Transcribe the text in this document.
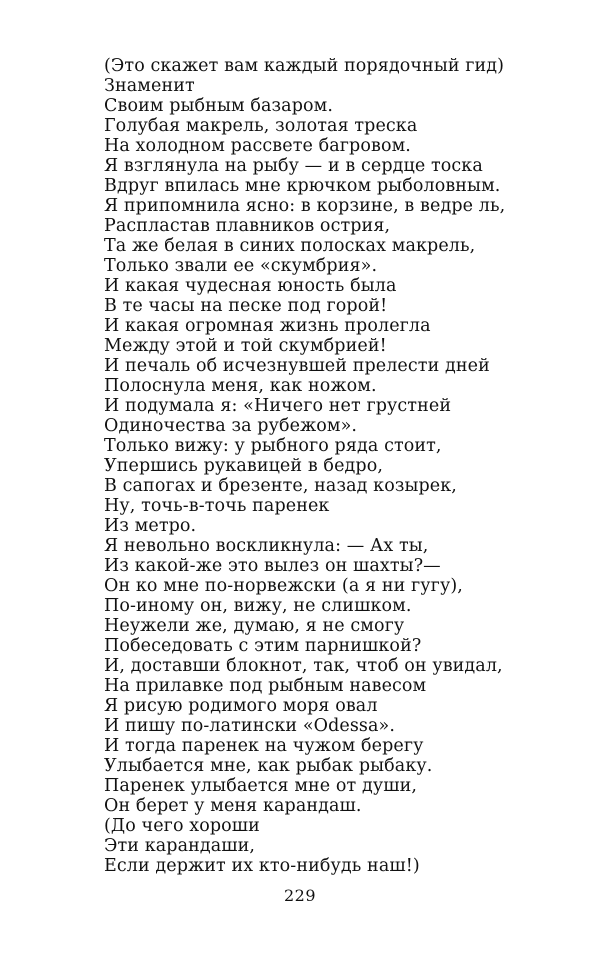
(Это скажет вам каждый порядочный гид)
Знаменит
Своим рыбным базаром.
Голубая макрель, золотая треска
На холодном рассвете багровом.
Я взглянула на рыбу — и в сердце тоска
Вдруг впилась мне крючком рыболовным.
Я припомнила ясно: в корзине, в ведре ль,
Распластав плавников острия,
Та же белая в синих полосках макрель,
Только звали ее «скумбрия».
И какая чудесная юность была
В те часы на песке под горой!
И какая огромная жизнь пролегла
Между этой и той скумбрией!
И печаль об исчезнувшей прелести дней
Полоснула меня, как ножом.
И подумала я: «Ничего нет грустней
Одиночества за рубежом».
Только вижу: у рыбного ряда стоит,
Упершись рукавицей в бедро,
В сапогах и брезенте, назад козырек,
Ну, точь-в-точь паренек
Из метро.
Я невольно воскликнула: — Ах ты,
Из какой-же это вылез он шахты?—
Он ко мне по-норвежски (а я ни гугу),
По-иному он, вижу, не слишком.
Неужели же, думаю, я не смогу
Побеседовать с этим парнишкой?
И, доставши блокнот, так, чтоб он увидал,
На прилавке под рыбным навесом
Я рисую родимого моря овал
И пишу по-латински «Odessa».
И тогда паренек на чужом берегу
Улыбается мне, как рыбак рыбаку.
Паренек улыбается мне от души,
Он берет у меня карандаш.
(До чего хороши
Эти карандаши,
Если держит их кто-нибудь наш!)
229
